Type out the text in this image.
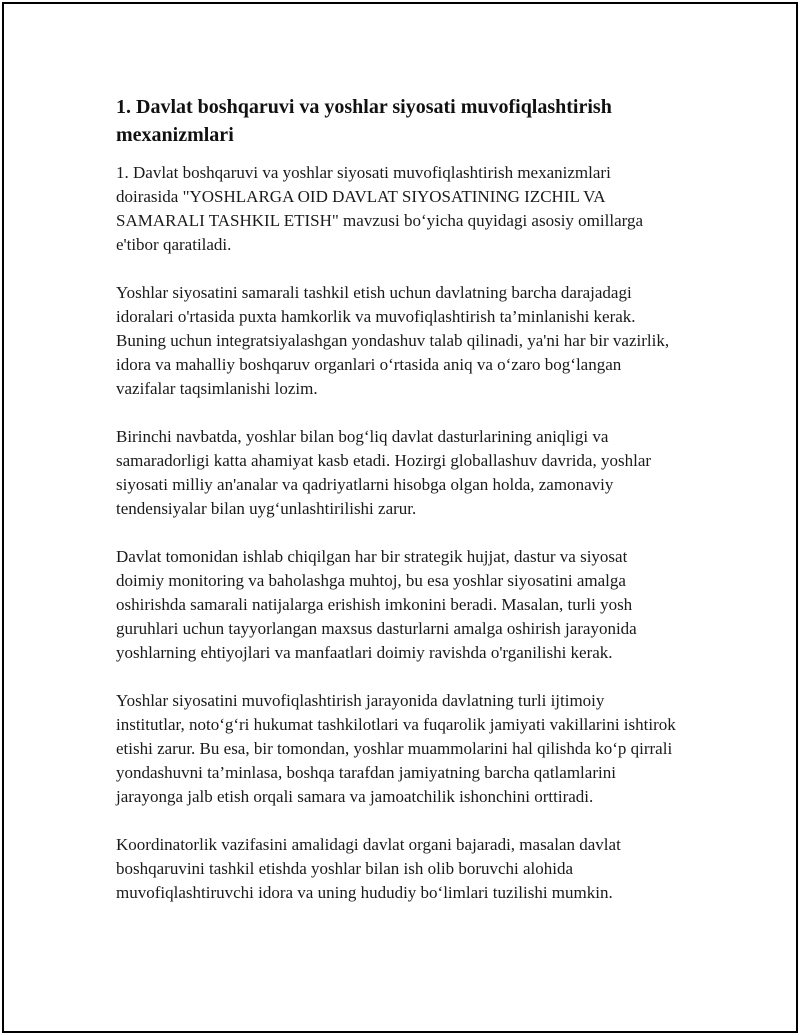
1. Davlat boshqaruvi va yoshlar siyosati muvofiqlashtirish mexanizmlari

1. Davlat boshqaruvi va yoshlar siyosati muvofiqlashtirish mexanizmlari doirasida "YOSHLARGA OID DAVLAT SIYOSATINING IZCHIL VA SAMARALI TASHKIL ETISH" mavzusi bo‘yicha quyidagi asosiy omillarga e'tibor qaratiladi.

Yoshlar siyosatini samarali tashkil etish uchun davlatning barcha darajadagi idoralari o'rtasida puxta hamkorlik va muvofiqlashtirish ta’minlanishi kerak. Buning uchun integratsiyalashgan yondashuv talab qilinadi, ya'ni har bir vazirlik, idora va mahalliy boshqaruv organlari o‘rtasida aniq va o‘zaro bog‘langan vazifalar taqsimlanishi lozim.

Birinchi navbatda, yoshlar bilan bog‘liq davlat dasturlarining aniqligi va samaradorligi katta ahamiyat kasb etadi. Hozirgi globallashuv davrida, yoshlar siyosati milliy an'analar va qadriyatlarni hisobga olgan holda, zamonaviy tendensiyalar bilan uyg‘unlashtirilishi zarur.

Davlat tomonidan ishlab chiqilgan har bir strategik hujjat, dastur va siyosat doimiy monitoring va baholashga muhtoj, bu esa yoshlar siyosatini amalga oshirishda samarali natijalarga erishish imkonini beradi. Masalan, turli yosh guruhlari uchun tayyorlangan maxsus dasturlarni amalga oshirish jarayonida yoshlarning ehtiyojlari va manfaatlari doimiy ravishda o'rganilishi kerak.

Yoshlar siyosatini muvofiqlashtirish jarayonida davlatning turli ijtimoiy institutlar, noto‘g‘ri hukumat tashkilotlari va fuqarolik jamiyati vakillarini ishtirok etishi zarur. Bu esa, bir tomondan, yoshlar muammolarini hal qilishda ko‘p qirrali yondashuvni ta’minlasa, boshqa tarafdan jamiyatning barcha qatlamlarini jarayonga jalb etish orqali samara va jamoatchilik ishonchini orttiradi.

Koordinatorlik vazifasini amalidagi davlat organi bajaradi, masalan davlat boshqaruvini tashkil etishda yoshlar bilan ish olib boruvchi alohida muvofiqlashtiruvchi idora va uning hududiy bo‘limlari tuzilishi mumkin.
